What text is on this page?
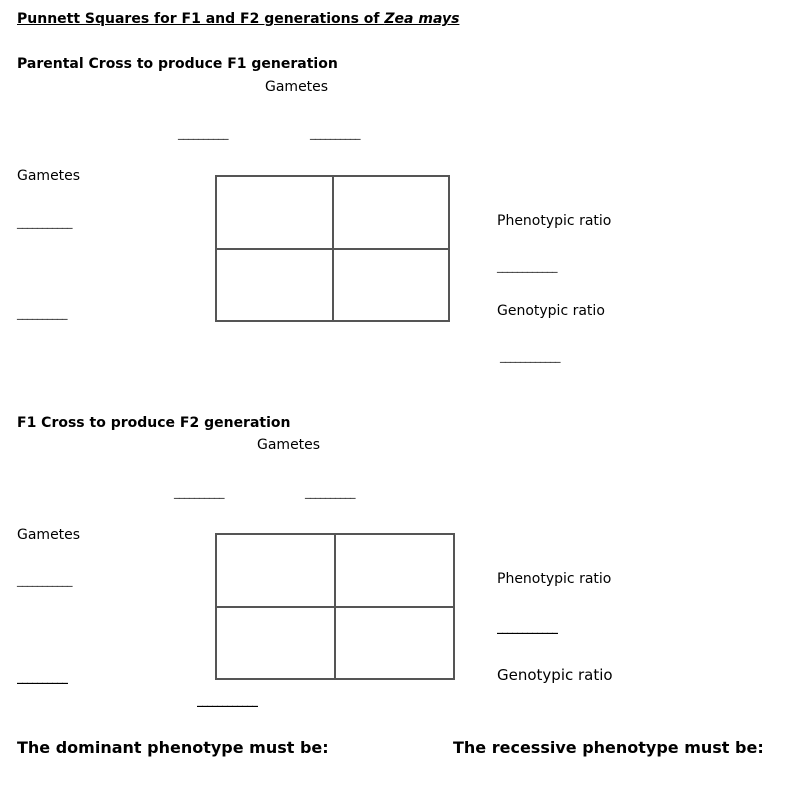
Punnett Squares for F1 and F2 generations of Zea mays
Parental Cross to produce F1 generation
Gametes
__________	__________
Gametes
___________
__________
Phenotypic ratio
____________
Genotypic ratio
____________
F1 Cross to produce F2 generation
Gametes
__________	__________
Gametes
___________
__________
Phenotypic ratio
____________
Genotypic ratio
____________
The dominant phenotype must be:	The recessive phenotype must be:
